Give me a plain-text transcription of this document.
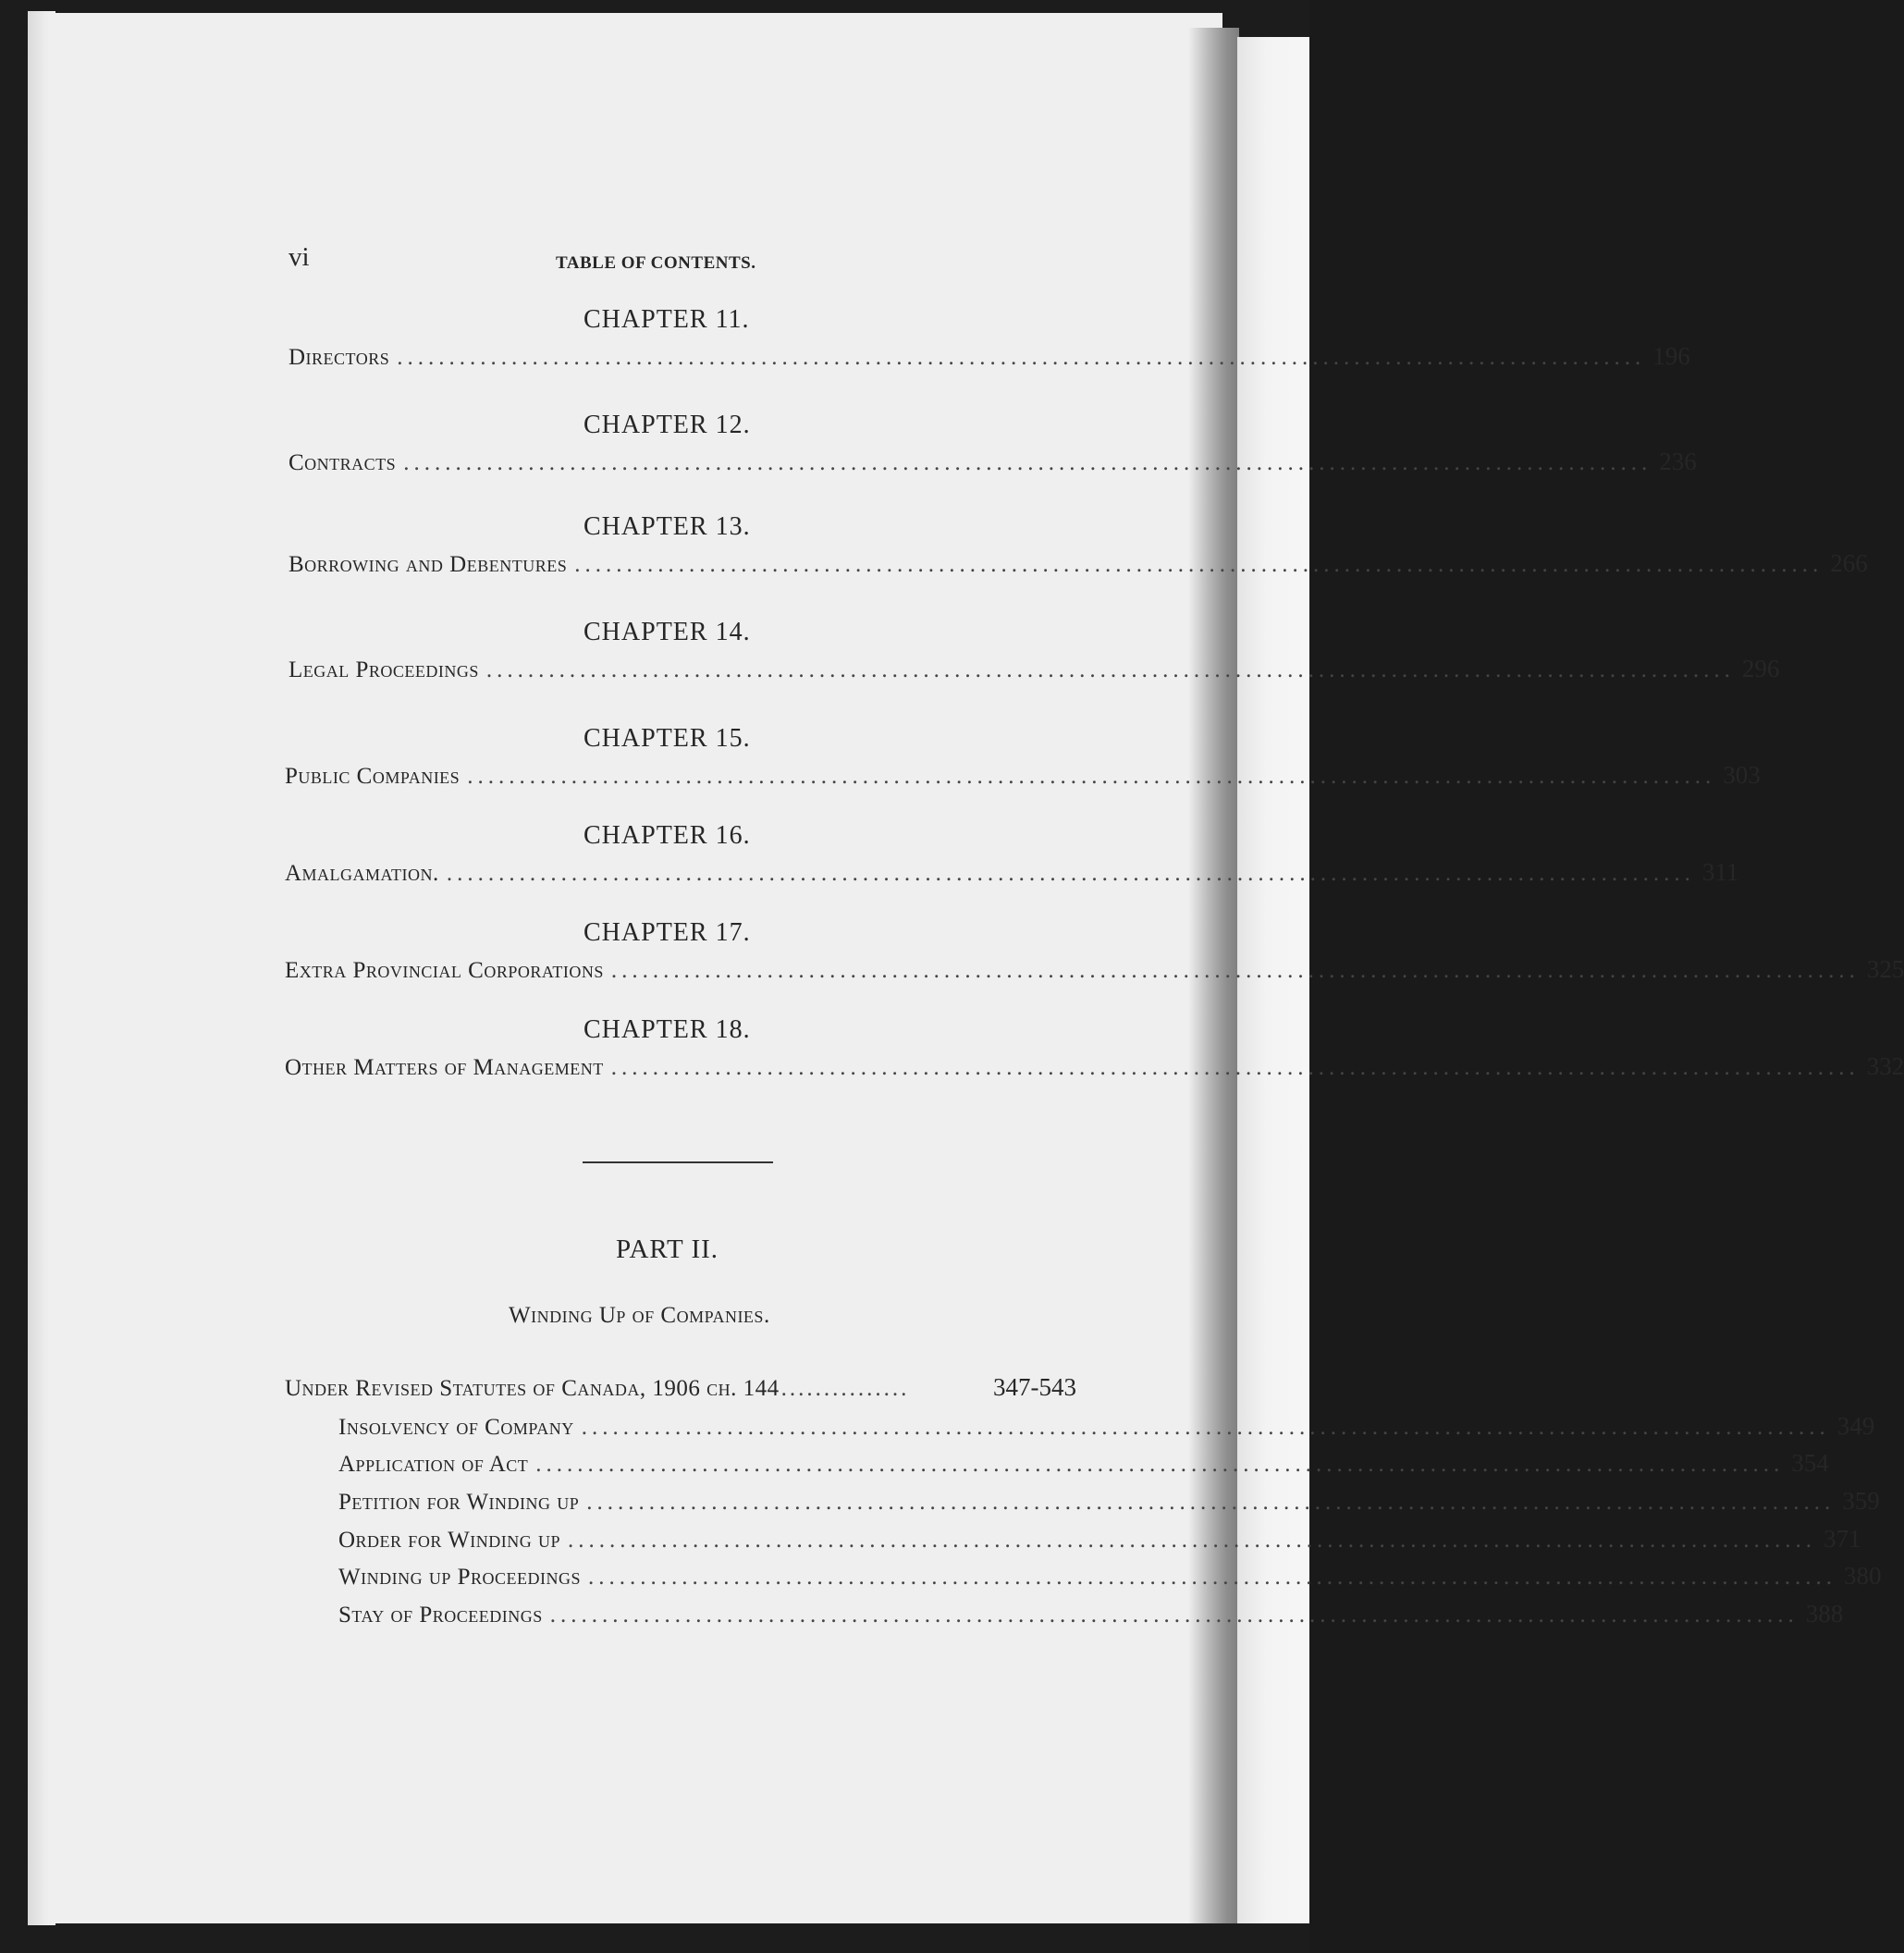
vi	TABLE OF CONTENTS.
CHAPTER 11.
Directors ........................................................................................................................ 196
CHAPTER 12.
Contracts ........................................................................................................................ 236
CHAPTER 13.
Borrowing and Debentures ........................................................................................................................ 266
CHAPTER 14.
Legal Proceedings ........................................................................................................................ 296
CHAPTER 15.
Public Companies ........................................................................................................................ 303
CHAPTER 16.
Amalgamation. ........................................................................................................................ 311
CHAPTER 17.
Extra Provincial Corporations ........................................................................................................................ 325
CHAPTER 18.
Other Matters of Management ........................................................................................................................ 332
PART II.
Winding Up of Companies.
Under Revised Statutes of Canada, 1906 ch. 144 ...............	347-543
Insolvency of Company ........................................................................................................................ 349
Application of Act ........................................................................................................................ 354
Petition for Winding up ........................................................................................................................ 359
Order for Winding up ........................................................................................................................ 371
Winding up Proceedings ........................................................................................................................ 380
Stay of Proceedings ........................................................................................................................ 388
